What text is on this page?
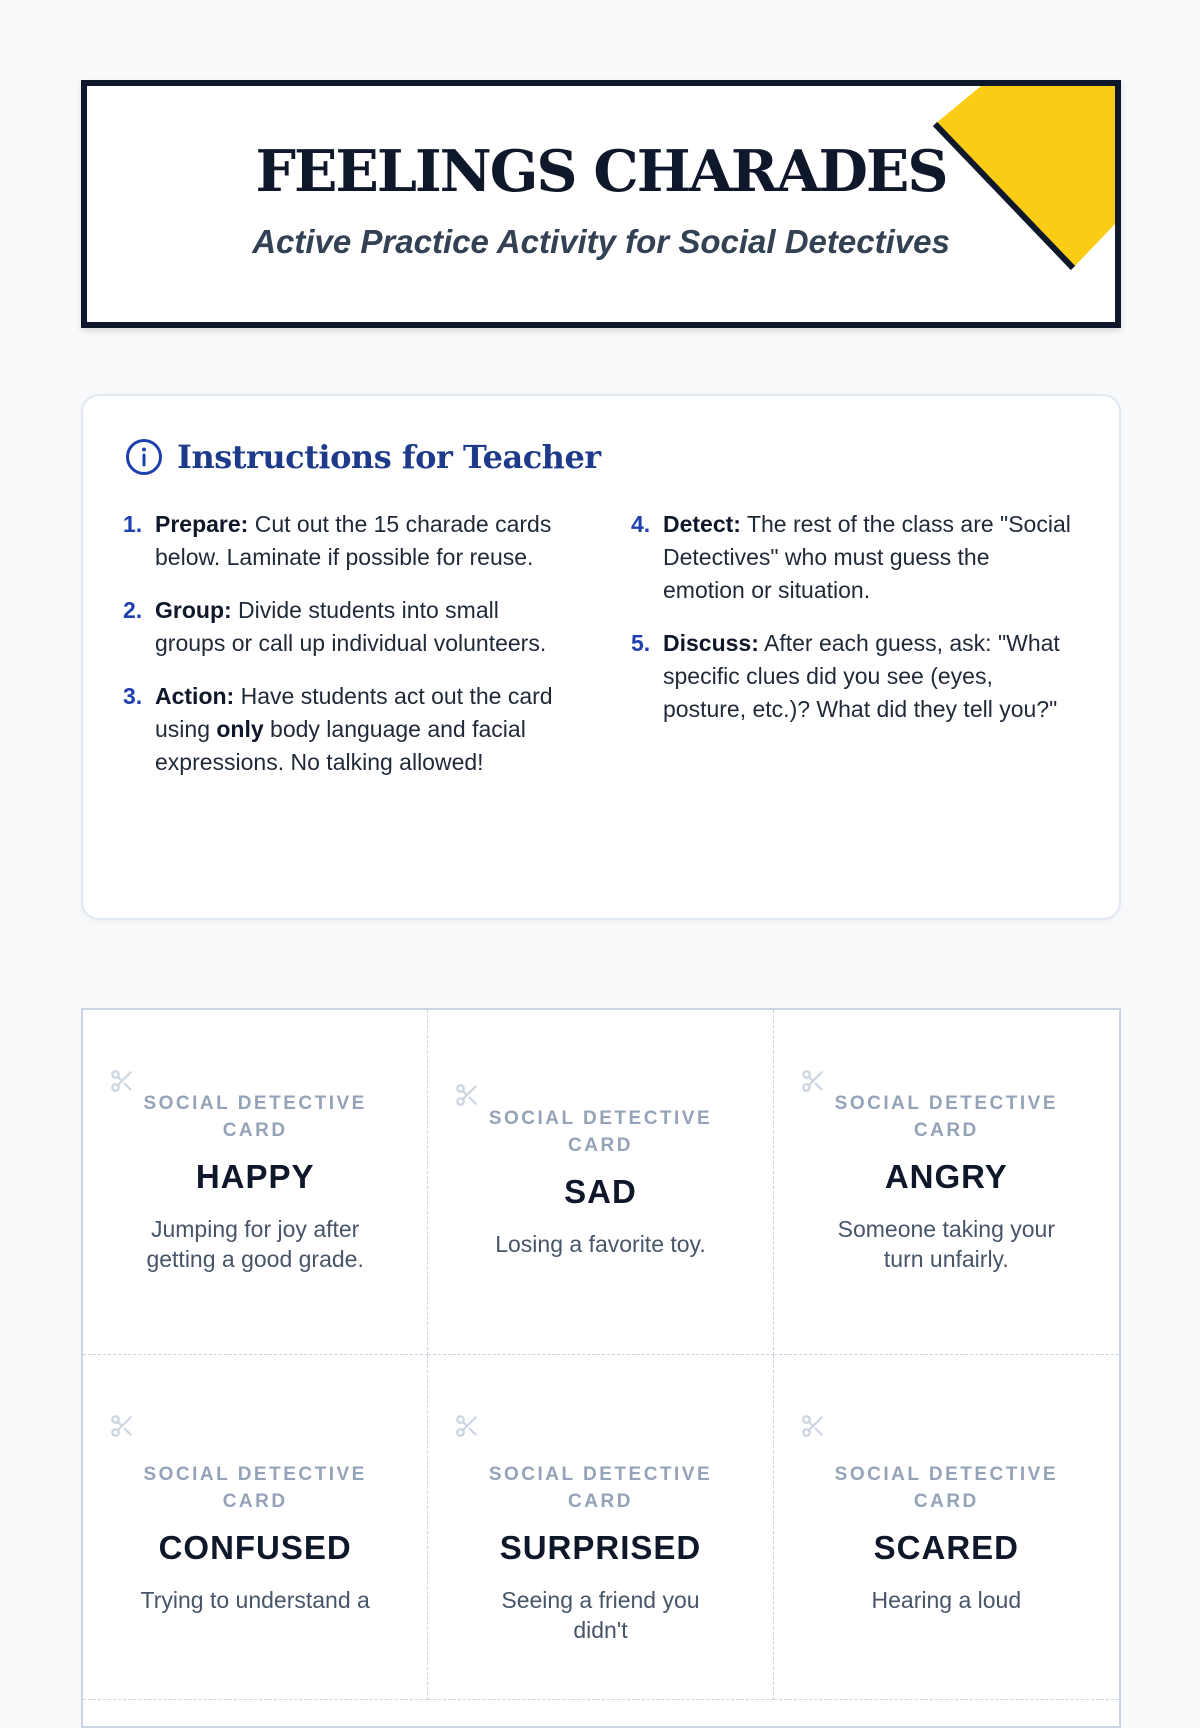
FEELINGS CHARADES
Active Practice Activity for Social Detectives
Instructions for Teacher
1. Prepare: Cut out the 15 charade cards below. Laminate if possible for reuse.
2. Group: Divide students into small groups or call up individual volunteers.
3. Action: Have students act out the card using only body language and facial expressions. No talking allowed!
4. Detect: The rest of the class are "Social Detectives" who must guess the emotion or situation.
5. Discuss: After each guess, ask: "What specific clues did you see (eyes, posture, etc.)? What did they tell you?"
SOCIAL DETECTIVE CARD
HAPPY
Jumping for joy after getting a good grade.
SOCIAL DETECTIVE CARD
SAD
Losing a favorite toy.
SOCIAL DETECTIVE CARD
ANGRY
Someone taking your turn unfairly.
SOCIAL DETECTIVE CARD
CONFUSED
Trying to understand a
SOCIAL DETECTIVE CARD
SURPRISED
Seeing a friend you didn't
SOCIAL DETECTIVE CARD
SCARED
Hearing a loud
